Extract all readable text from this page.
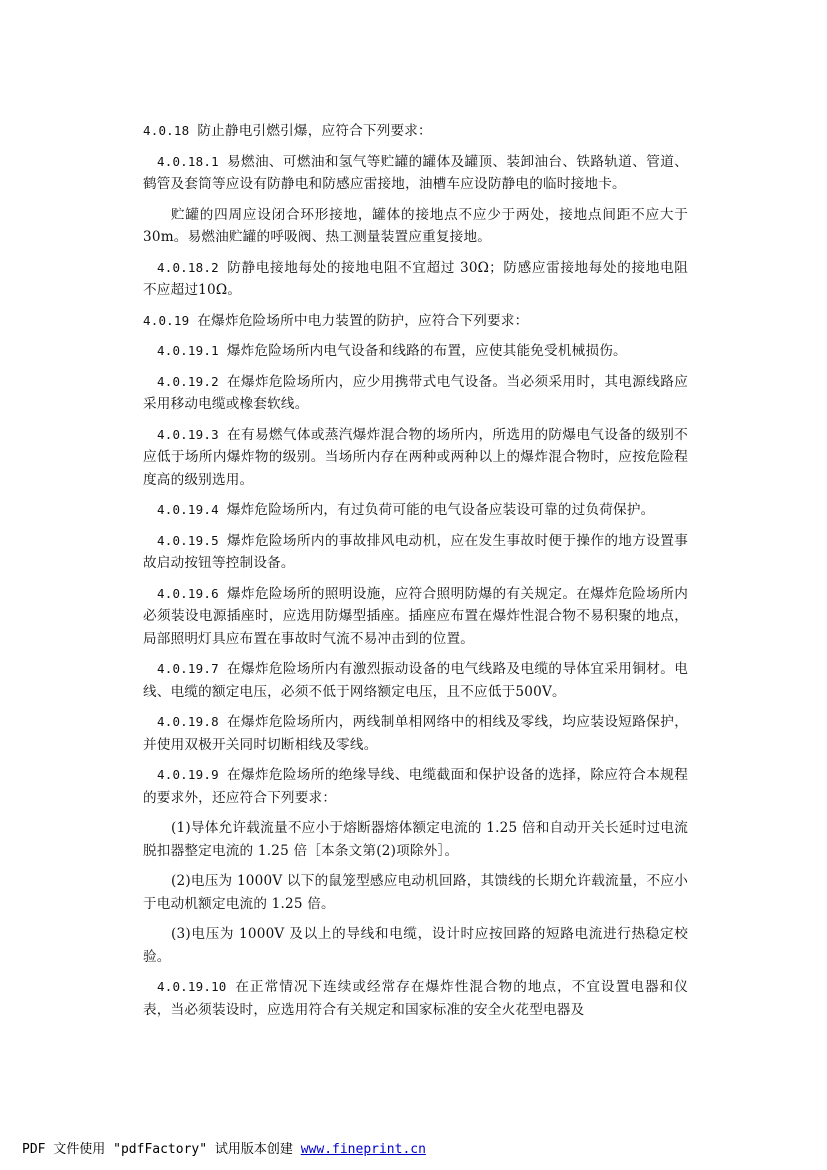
4.0.18 防止静电引燃引爆，应符合下列要求：

4.0.18.1 易燃油、可燃油和氢气等贮罐的罐体及罐顶、装卸油台、铁路轨道、管道、鹤管及套筒等应设有防静电和防感应雷接地，油槽车应设防静电的临时接地卡。

贮罐的四周应设闭合环形接地，罐体的接地点不应少于两处，接地点间距不应大于30m。易燃油贮罐的呼吸阀、热工测量装置应重复接地。

4.0.18.2 防静电接地每处的接地电阻不宜超过 30Ω；防感应雷接地每处的接地电阻不应超过10Ω。

4.0.19 在爆炸危险场所中电力装置的防护，应符合下列要求：

4.0.19.1 爆炸危险场所内电气设备和线路的布置，应使其能免受机械损伤。

4.0.19.2 在爆炸危险场所内，应少用携带式电气设备。当必须采用时，其电源线路应采用移动电缆或橡套软线。

4.0.19.3 在有易燃气体或蒸汽爆炸混合物的场所内，所选用的防爆电气设备的级别不应低于场所内爆炸物的级别。当场所内存在两种或两种以上的爆炸混合物时，应按危险程度高的级别选用。

4.0.19.4 爆炸危险场所内，有过负荷可能的电气设备应装设可靠的过负荷保护。

4.0.19.5 爆炸危险场所内的事故排风电动机，应在发生事故时便于操作的地方设置事故启动按钮等控制设备。

4.0.19.6 爆炸危险场所的照明设施，应符合照明防爆的有关规定。在爆炸危险场所内必须装设电源插座时，应选用防爆型插座。插座应布置在爆炸性混合物不易积聚的地点，局部照明灯具应布置在事故时气流不易冲击到的位置。

4.0.19.7 在爆炸危险场所内有激烈振动设备的电气线路及电缆的导体宜采用铜材。电线、电缆的额定电压，必须不低于网络额定电压，且不应低于500V。

4.0.19.8 在爆炸危险场所内，两线制单相网络中的相线及零线，均应装设短路保护，并使用双极开关同时切断相线及零线。

4.0.19.9 在爆炸危险场所的绝缘导线、电缆截面和保护设备的选择，除应符合本规程的要求外，还应符合下列要求：

(1)导体允许载流量不应小于熔断器熔体额定电流的 1.25 倍和自动开关长延时过电流脱扣器整定电流的 1.25 倍［本条文第(2)项除外］。

(2)电压为 1000V 以下的鼠笼型感应电动机回路，其馈线的长期允许载流量，不应小于电动机额定电流的 1.25 倍。

(3)电压为 1000V 及以上的导线和电缆，设计时应按回路的短路电流进行热稳定校验。

4.0.19.10 在正常情况下连续或经常存在爆炸性混合物的地点，不宜设置电器和仪表，当必须装设时，应选用符合有关规定和国家标准的安全火花型电器及

PDF 文件使用 "pdfFactory" 试用版本创建 www.fineprint.cn
